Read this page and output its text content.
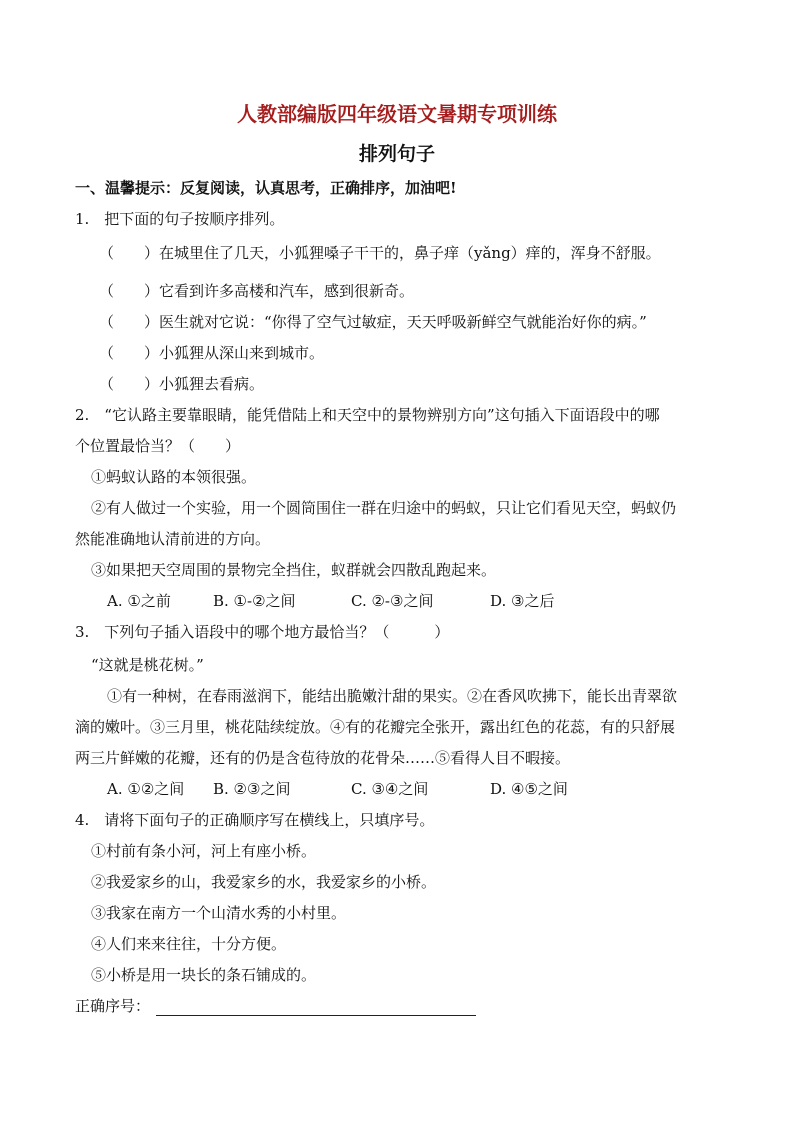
人教部编版四年级语文暑期专项训练
排列句子
一、温馨提示：反复阅读，认真思考，正确排序，加油吧!
1.　把下面的句子按顺序排列。
（　　）在城里住了几天，小狐狸嗓子干干的，鼻子痒（yǎng）痒的，浑身不舒服。
（　　）它看到许多高楼和汽车，感到很新奇。
（　　）医生就对它说：“你得了空气过敏症，天天呼吸新鲜空气就能治好你的病。”
（　　）小狐狸从深山来到城市。
（　　）小狐狸去看病。
2.　“它认路主要靠眼睛，能凭借陆上和天空中的景物辨别方向”这句插入下面语段中的哪
个位置最恰当？（　　）
①蚂蚁认路的本领很强。
②有人做过一个实验，用一个圆筒围住一群在归途中的蚂蚁，只让它们看见天空，蚂蚁仍
然能准确地认清前进的方向。
③如果把天空周围的景物完全挡住，蚁群就会四散乱跑起来。
A. ①之前	B. ①-②之间	C. ②-③之间	D. ③之后
3.　下列句子插入语段中的哪个地方最恰当？（　　　）
“这就是桃花树。”
①有一种树，在春雨滋润下，能结出脆嫩汁甜的果实。②在香风吹拂下，能长出青翠欲
滴的嫩叶。③三月里，桃花陆续绽放。④有的花瓣完全张开，露出红色的花蕊，有的只舒展
两三片鲜嫩的花瓣，还有的仍是含苞待放的花骨朵……⑤看得人目不暇接。
A. ①②之间 B. ②③之间	C. ③④之间	D. ④⑤之间
4.　请将下面句子的正确顺序写在横线上，只填序号。
①村前有条小河，河上有座小桥。
②我爱家乡的山，我爱家乡的水，我爱家乡的小桥。
③我家在南方一个山清水秀的小村里。
④人们来来往往，十分方便。
⑤小桥是用一块长的条石铺成的。
正确序号：
